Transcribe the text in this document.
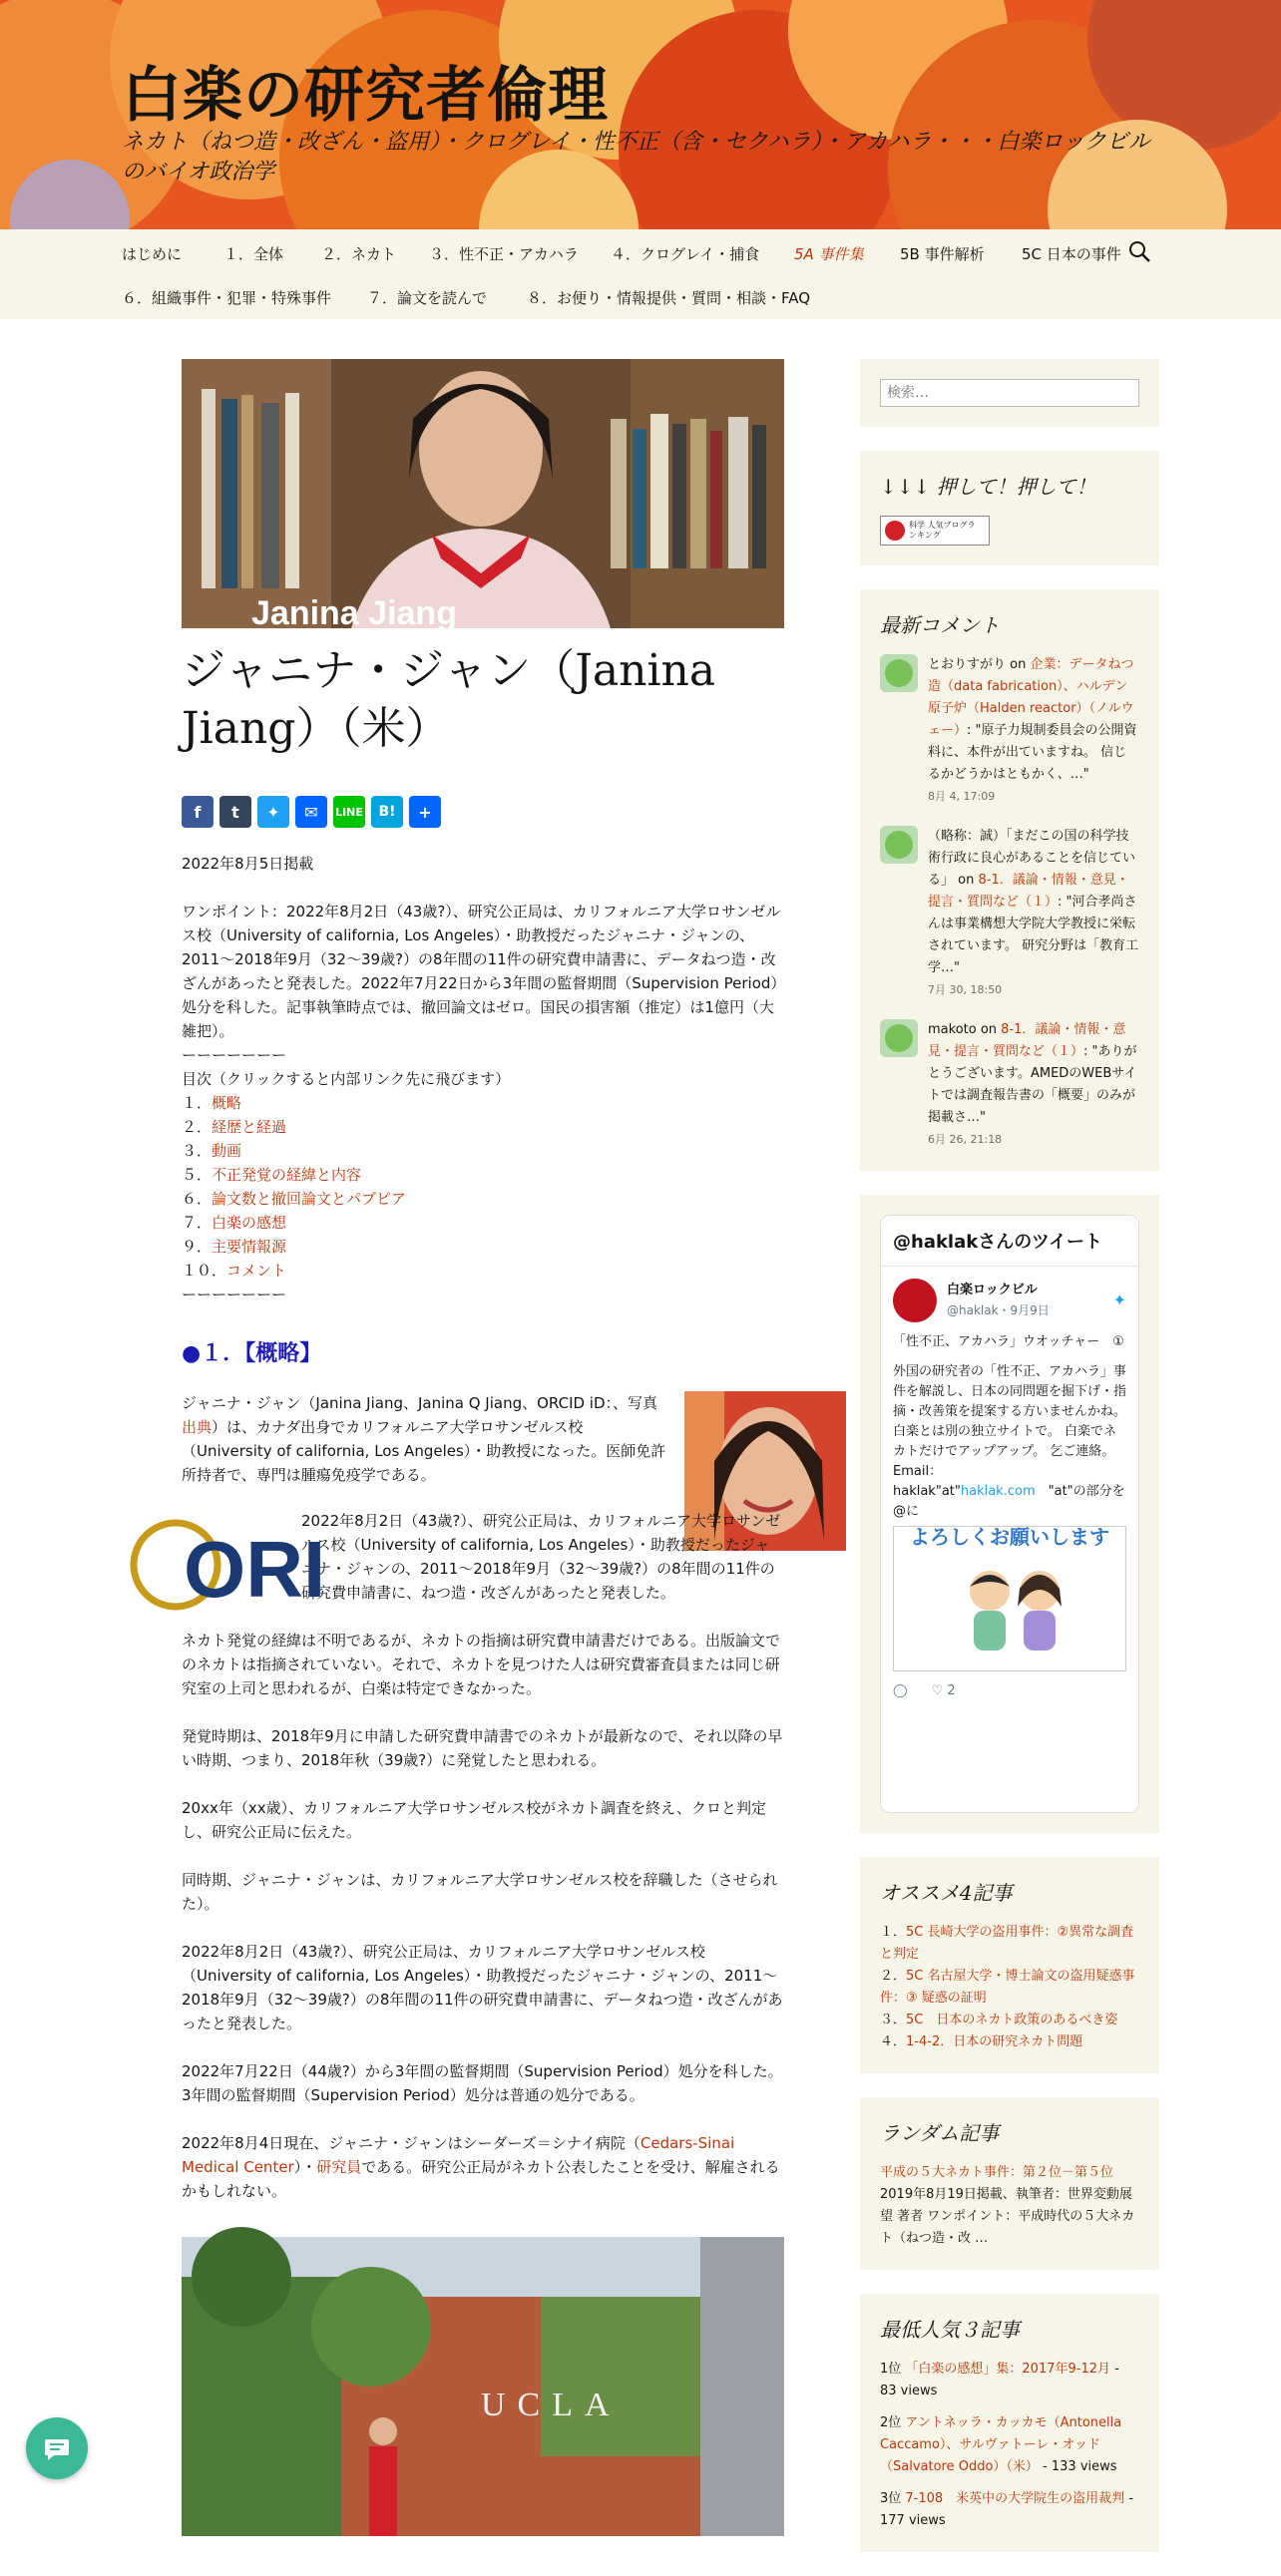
白楽の研究者倫理
ネカト（ねつ造・改ざん・盗用）・クログレイ・性不正（含・セクハラ）・アカハラ・・・白楽ロックビルのバイオ政治学
はじめに	１．全体	２．ネカト ３．性不正・アカハラ ４．クログレイ・捕食 5A 事件集 5B 事件解析 5C 日本の事件
６．組織事件・犯罪・特殊事件 ７．論文を読んで	８．お便り・情報提供・質問・相談・FAQ
Janina Jiang
ジャニナ・ジャン（Janina Jiang）（米）
f	t	✦	✉	LINE	B!	+
2022年8月5日掲載
ワンポイント：2022年8月2日（43歳?）、研究公正局は、カリフォルニア大学ロサンゼルス校（University of california, Los Angeles）・助教授だったジャニナ・ジャンの、2011～2018年9月（32～39歳?）の8年間の11件の研究費申請書に、データねつ造・改ざんがあったと発表した。2022年7月22日から3年間の監督期間（Supervision Period）処分を科した。記事執筆時点では、撤回論文はゼロ。国民の損害額（推定）は1億円（大雑把）。
ーーーーーーー
目次（クリックすると内部リンク先に飛びます）
１．概略
２．経歴と経過
３．動画
５．不正発覚の経緯と内容
６．論文数と撤回論文とパブピア
７．白楽の感想
９．主要情報源
１０．コメント
ーーーーーーー
●１．【概略】
ジャニナ・ジャン（Janina Jiang、Janina Q Jiang、ORCID iD：、写真出典）は、カナダ出身でカリフォルニア大学ロサンゼルス校（University of california, Los Angeles）・助教授になった。医師免許所持者で、専門は腫瘍免疫学である。
ORI
2022年8月2日（43歳?）、研究公正局は、カリフォルニア大学ロサンゼルス校（University of california, Los Angeles）・助教授だったジャニナ・ジャンの、2011～2018年9月（32～39歳?）の8年間の11件の研究費申請書に、ねつ造・改ざんがあったと発表した。
ネカト発覚の経緯は不明であるが、ネカトの指摘は研究費申請書だけである。出版論文でのネカトは指摘されていない。それで、ネカトを見つけた人は研究費審査員または同じ研究室の上司と思われるが、白楽は特定できなかった。
発覚時期は、2018年9月に申請した研究費申請書でのネカトが最新なので、それ以降の早い時期、つまり、2018年秋（39歳?）に発覚したと思われる。
20xx年（xx歳）、カリフォルニア大学ロサンゼルス校がネカト調査を終え、クロと判定し、研究公正局に伝えた。
同時期、ジャニナ・ジャンは、カリフォルニア大学ロサンゼルス校を辞職した（させられた）。
2022年8月2日（43歳?）、研究公正局は、カリフォルニア大学ロサンゼルス校（University of california, Los Angeles）・助教授だったジャニナ・ジャンの、2011～2018年9月（32～39歳?）の8年間の11件の研究費申請書に、データねつ造・改ざんがあったと発表した。
2022年7月22日（44歳?）から3年間の監督期間（Supervision Period）処分を科した。3年間の監督期間（Supervision Period）処分は普通の処分である。
2022年8月4日現在、ジャニナ・ジャンはシーダーズ＝シナイ病院（Cedars-Sinai Medical Center）・研究員である。研究公正局がネカト公表したことを受け、解雇されるかもしれない。
UCLA
検索…
↓↓↓ 押して！押して！
科学 人気ブログランキング
最新コメント
とおりすがり on 企業：データねつ造（data fabrication）、ハルデン原子炉（Halden reactor）（ノルウェー）: "原子力規制委員会の公開資料に、本件が出ていますね。 信じるかどうかはともかく、…"
8月 4, 17:09
（略称：誠）「まだこの国の科学技術行政に良心があることを信じている」 on 8-1．議論・情報・意見・提言・質問など（１）: "河合孝尚さんは事業構想大学院大学教授に栄転されています。 研究分野は「教育工学…"
7月 30, 18:50
makoto on 8-1．議論・情報・意見・提言・質問など（１）: "ありがとうございます。AMEDのWEBサイトでは調査報告書の「概要」のみが掲載さ…"
6月 26, 21:18
@haklakさんのツイート
白楽ロックビル
@haklak・9月9日
✦
「性不正、アカハラ」ウオッチャー　①
外国の研究者の「性不正、アカハラ」事件を解説し、日本の同問題を掘下げ・指摘・改善策を提案する方いませんかね。 白楽とは別の独立サイトで。 白楽でネカトだけでアップアップ。 乞ご連絡。Email：
haklak"at"haklak.com　"at"の部分を@に
よろしくお願いします
◯ ♡ 2
オススメ4記事
１．5C 長崎大学の盗用事件：②異常な調査と判定
２．5C 名古屋大学・博士論文の盗用疑惑事件：③ 疑惑の証明
３．5C　日本のネカト政策のあるべき姿
４．1-4-2．日本の研究ネカト問題
ランダム記事
平成の５大ネカト事件：第２位－第５位
2019年8月19日掲載、執筆者：世界変動展望 著者 ワンポイント：平成時代の５大ネカト（ねつ造・改 …
最低人気３記事
1位 「白楽の感想」集：2017年9-12月 - 83 views
2位 アントネッラ・カッカモ（Antonella Caccamo）、サルヴァトーレ・オッド（Salvatore Oddo）（米） - 133 views
3位 7-108　米英中の大学院生の盗用裁判 - 177 views
